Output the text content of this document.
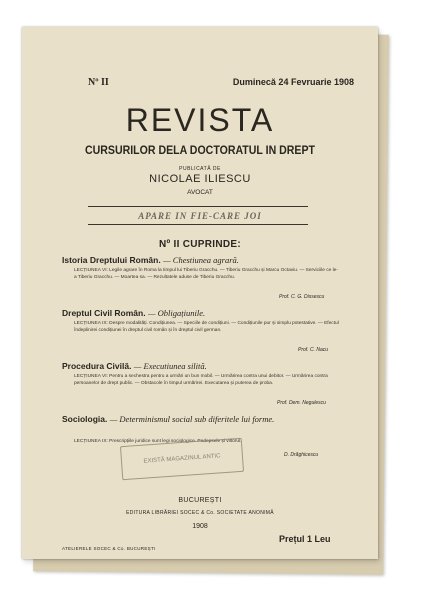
Nº II	Duminecă 24 Fevruarie 1908
REVISTA
CURSURILOR DELA DOCTORATUL IN DREPT
PUBLICATĂ DE
NICOLAE ILIESCU
AVOCAT
APARE IN FIE-CARE JOI
Nº II CUPRINDE:
Istoria Dreptului Român. — Chestiunea agrară.
LECȚIUNEA VI: Legile agrare în Roma la timpul lui Tiberiu Gracchu. — Tiberiu Gracchu și Marcu Octaviu. — Serviciile ce le-a Tiberiu Gracchu. — Moartea sa. — Rezultatele aduse de Tiberiu Gracchu.
Prof. C. G. Dissescu
Dreptul Civil Român. — Obligațiunile.
LECȚIUNEA IX: Despre modalități. Condițiunea. — Speciile de condițiuni. — Condițiunile pur și simplu potestative. — Efectul îndeplinirei condițiunei în dreptul civil român și în dreptul civil german.
Prof. C. Nacu
Procedura Civilă. — Executiunea silită.
LECȚIUNEA VI: Pentru a sechestra pentru a urmări un bun mobil. — Urmărirea contra unui debitor. — Urmărirea contra persoanelor de drept public. — Obstacole în timpul urmărirei. Executarea și puterea de proba.
Prof. Dem. Negulescu
Sociologia. — Determinismul social sub diferitele lui forme.
LECȚIUNEA IX: Prescripțiile juridice sunt legi sociologice. Pedepsele și viitorul.
D. Drăghicescu
EXISTĂ MAGAZINUL ANTIC
BUCUREȘTI
EDITURA LIBRĂRIEI SOCEC & Co. SOCIETATE ANONIMĂ
1908
Prețul 1 Leu
ATELIERELE SOCEC & Co. BUCUREȘTI
